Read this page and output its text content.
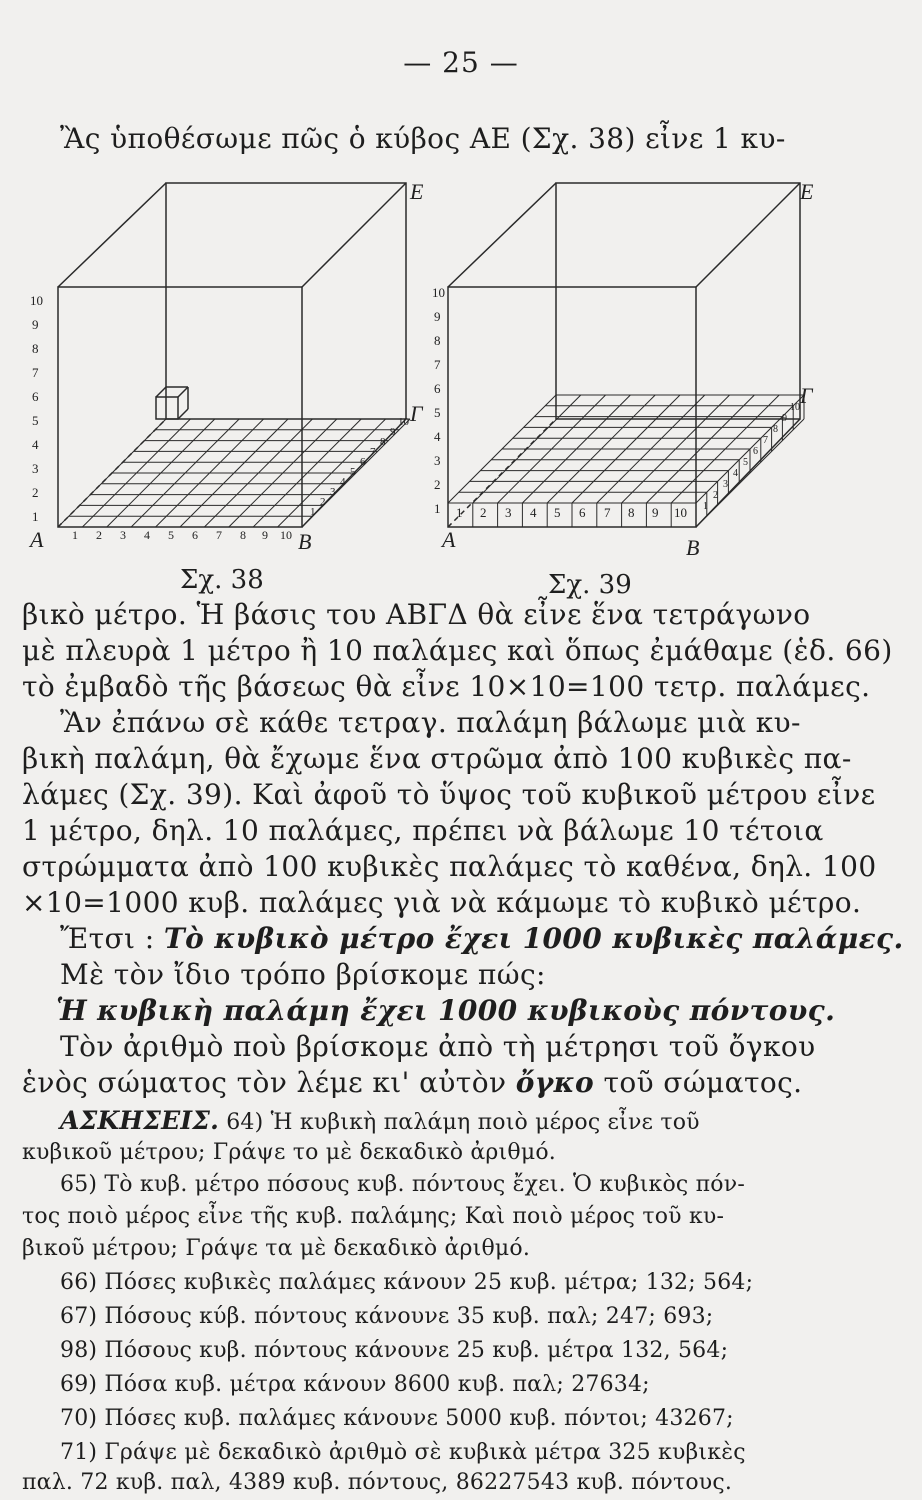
— 25 —
Ἂς ὑποθέσωμε πῶς ὁ κύβος ΑΕ (Σχ. 38) εἶνε 1 κυ-
10
9
8
7
6
5
4
3
2
1
1 2 3 4 5 6 7 8 9 10
1
2
3
4
5
6
7
8
9
10
A	B
Γ
E
10
9
8
7
6
5
4
3
2
1 1 2 3 4 5 6 7 8 9 10 1
2
3
4
5
6
7
8
9
10
A	B
Γ
E
Σχ. 38	Σχ. 39
βικὸ μέτρο. Ἡ βάσις του ΑΒΓΔ θὰ εἶνε ἕνα τετράγωνο
μὲ πλευρὰ 1 μέτρο ἢ 10 παλάμες καὶ ὅπως ἐμάθαμε (ἑδ. 66)
τὸ ἐμβαδὸ τῆς βάσεως θὰ εἶνε 10×10=100 τετρ. παλάμες.
Ἂν ἐπάνω σὲ κάθε τετραγ. παλάμη βάλωμε μιὰ κυ-
βικὴ παλάμη, θὰ ἔχωμε ἕνα στρῶμα ἀπὸ 100 κυβικὲς πα-
λάμες (Σχ. 39). Καὶ ἀφοῦ τὸ ὕψος τοῦ κυβικοῦ μέτρου εἶνε
1 μέτρο, δηλ. 10 παλάμες, πρέπει νὰ βάλωμε 10 τέτοια
στρώμματα ἀπὸ 100 κυβικὲς παλάμες τὸ καθένα, δηλ. 100
×10=1000 κυβ. παλάμες γιὰ νὰ κάμωμε τὸ κυβικὸ μέτρο.
Ἔτσι : Τὸ κυβικὸ μέτρο ἔχει 1000 κυβικὲς παλάμες.
Μὲ τὸν ἴδιο τρόπο βρίσκομε πώς:
Ἡ κυβικὴ παλάμη ἔχει 1000 κυβικοὺς πόντους.
Τὸν ἀριθμὸ ποὺ βρίσκομε ἀπὸ τὴ μέτρησι τοῦ ὄγκου
ἑνὸς σώματος τὸν λέμε κι' αὐτὸν ὄγκο τοῦ σώματος.
ΑΣΚΗΣΕΙΣ. 64) Ἡ κυβικὴ παλάμη ποιὸ μέρος εἶνε τοῦ
κυβικοῦ μέτρου; Γράψε το μὲ δεκαδικὸ ἀριθμό.
65) Τὸ κυβ. μέτρο πόσους κυβ. πόντους ἔχει. Ὁ κυβικὸς πόν-
τος ποιὸ μέρος εἶνε τῆς κυβ. παλάμης; Καὶ ποιὸ μέρος τοῦ κυ-
βικοῦ μέτρου; Γράψε τα μὲ δεκαδικὸ ἀριθμό.
66) Πόσες κυβικὲς παλάμες κάνουν 25 κυβ. μέτρα; 132; 564;
67) Πόσους κύβ. πόντους κάνουνε 35 κυβ. παλ; 247; 693;
98) Πόσους κυβ. πόντους κάνουνε 25 κυβ. μέτρα 132, 564;
69) Πόσα κυβ. μέτρα κάνουν 8600 κυβ. παλ; 27634;
70) Πόσες κυβ. παλάμες κάνουνε 5000 κυβ. πόντοι; 43267;
71) Γράψε μὲ δεκαδικὸ ἀριθμὸ σὲ κυβικὰ μέτρα 325 κυβικὲς
παλ. 72 κυβ. παλ, 4389 κυβ. πόντους, 86227543 κυβ. πόντους.
